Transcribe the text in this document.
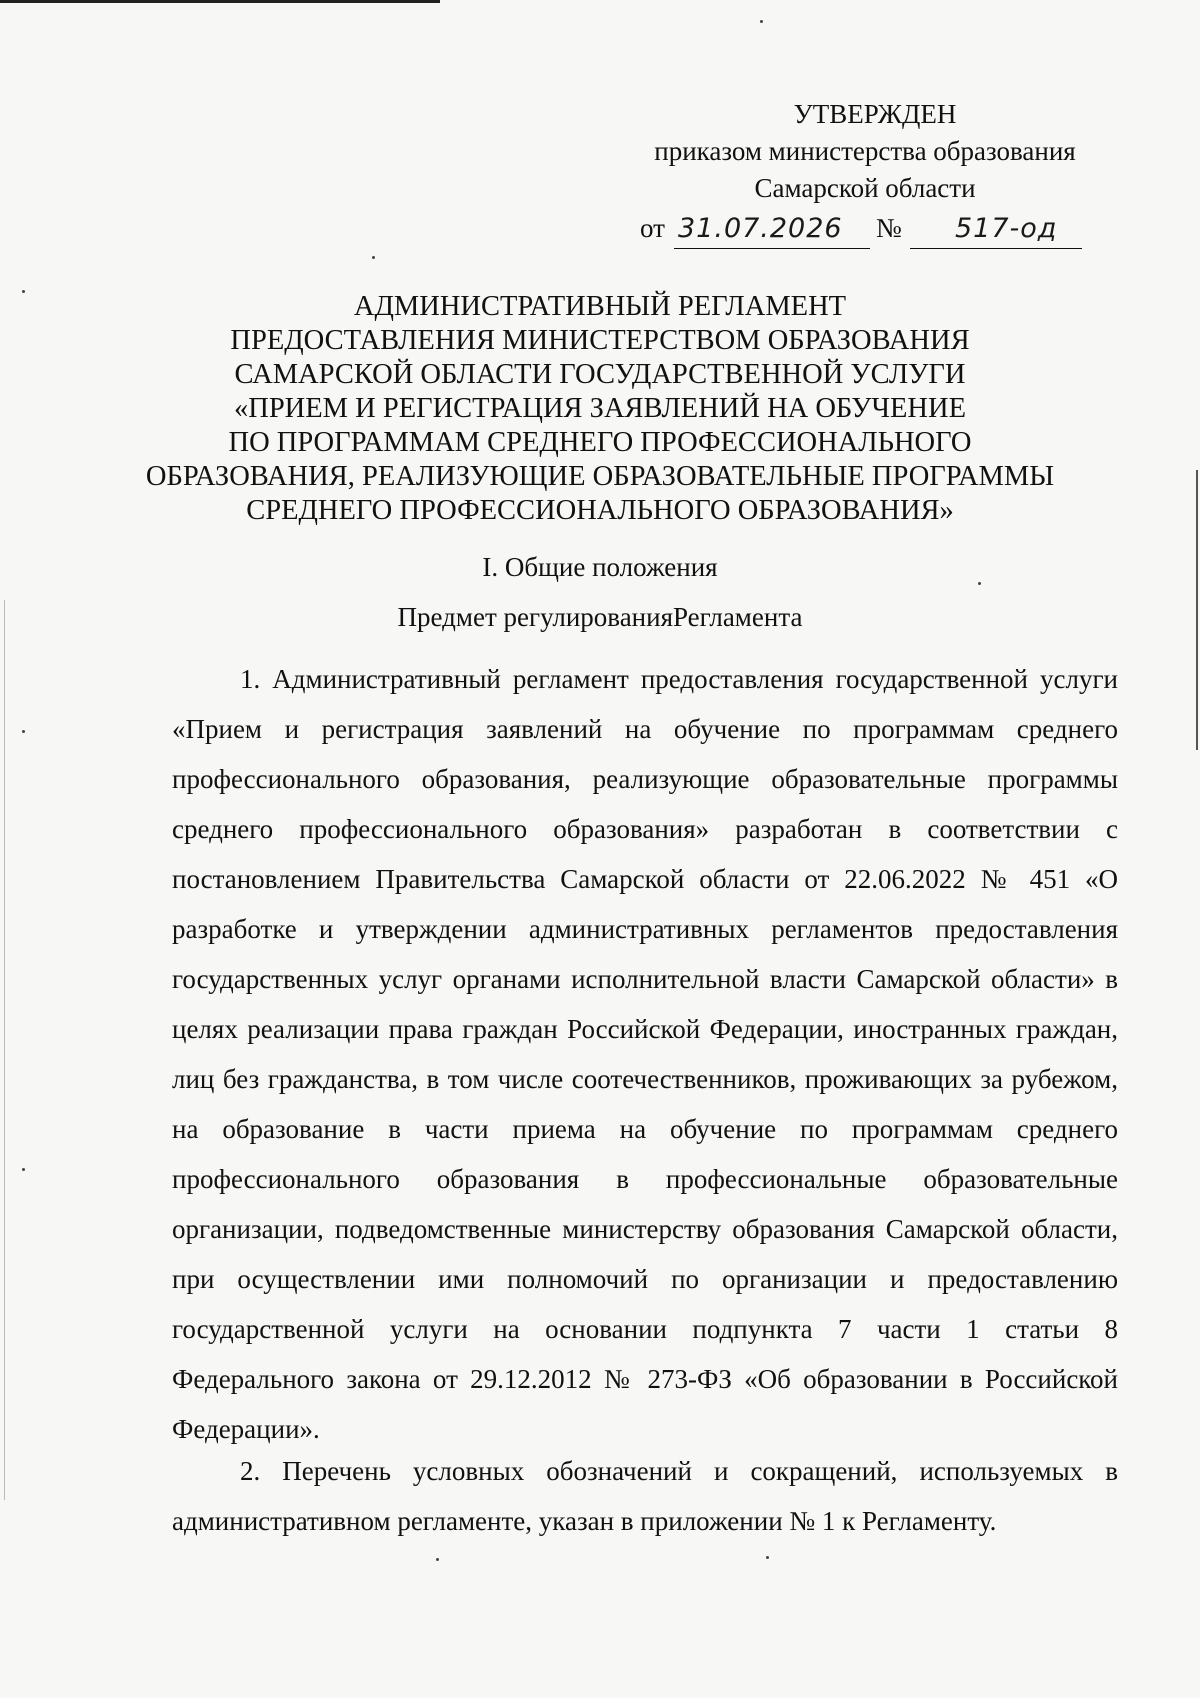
УТВЕРЖДЕН
приказом министерства образования
Самарской области
от 31.07.2026 № 517-од
АДМИНИСТРАТИВНЫЙ РЕГЛАМЕНТ
ПРЕДОСТАВЛЕНИЯ МИНИСТЕРСТВОМ ОБРАЗОВАНИЯ
САМАРСКОЙ ОБЛАСТИ ГОСУДАРСТВЕННОЙ УСЛУГИ
«ПРИЕМ И РЕГИСТРАЦИЯ ЗАЯВЛЕНИЙ НА ОБУЧЕНИЕ
ПО ПРОГРАММАМ СРЕДНЕГО ПРОФЕССИОНАЛЬНОГО
ОБРАЗОВАНИЯ, РЕАЛИЗУЮЩИЕ ОБРАЗОВАТЕЛЬНЫЕ ПРОГРАММЫ
СРЕДНЕГО ПРОФЕССИОНАЛЬНОГО ОБРАЗОВАНИЯ»
I. Общие положения
Предмет регулированияРегламента

1. Административный регламент предоставления государственной услуги «Прием и регистрация заявлений на обучение по программам среднего профессионального образования, реализующие образовательные программы среднего профессионального образования» разработан в соответствии с постановлением Правительства Самарской области от 22.06.2022 № 451 «О разработке и утверждении административных регламентов предоставления государственных услуг органами исполнительной власти Самарской области» в целях реализации права граждан Российской Федерации, иностранных граждан, лиц без гражданства, в том числе соотечественников, проживающих за рубежом, на образование в части приема на обучение по программам среднего профессионального образования в профессиональные образовательные организации, подведомственные министерству образования Самарской области, при осуществлении ими полномочий по организации и предоставлению государственной услуги на основании подпункта 7 части 1 статьи 8 Федерального закона от 29.12.2012 № 273-ФЗ «Об образовании в Российской Федерации».

2. Перечень условных обозначений и сокращений, используемых в административном регламенте, указан в приложении № 1 к Регламенту.
